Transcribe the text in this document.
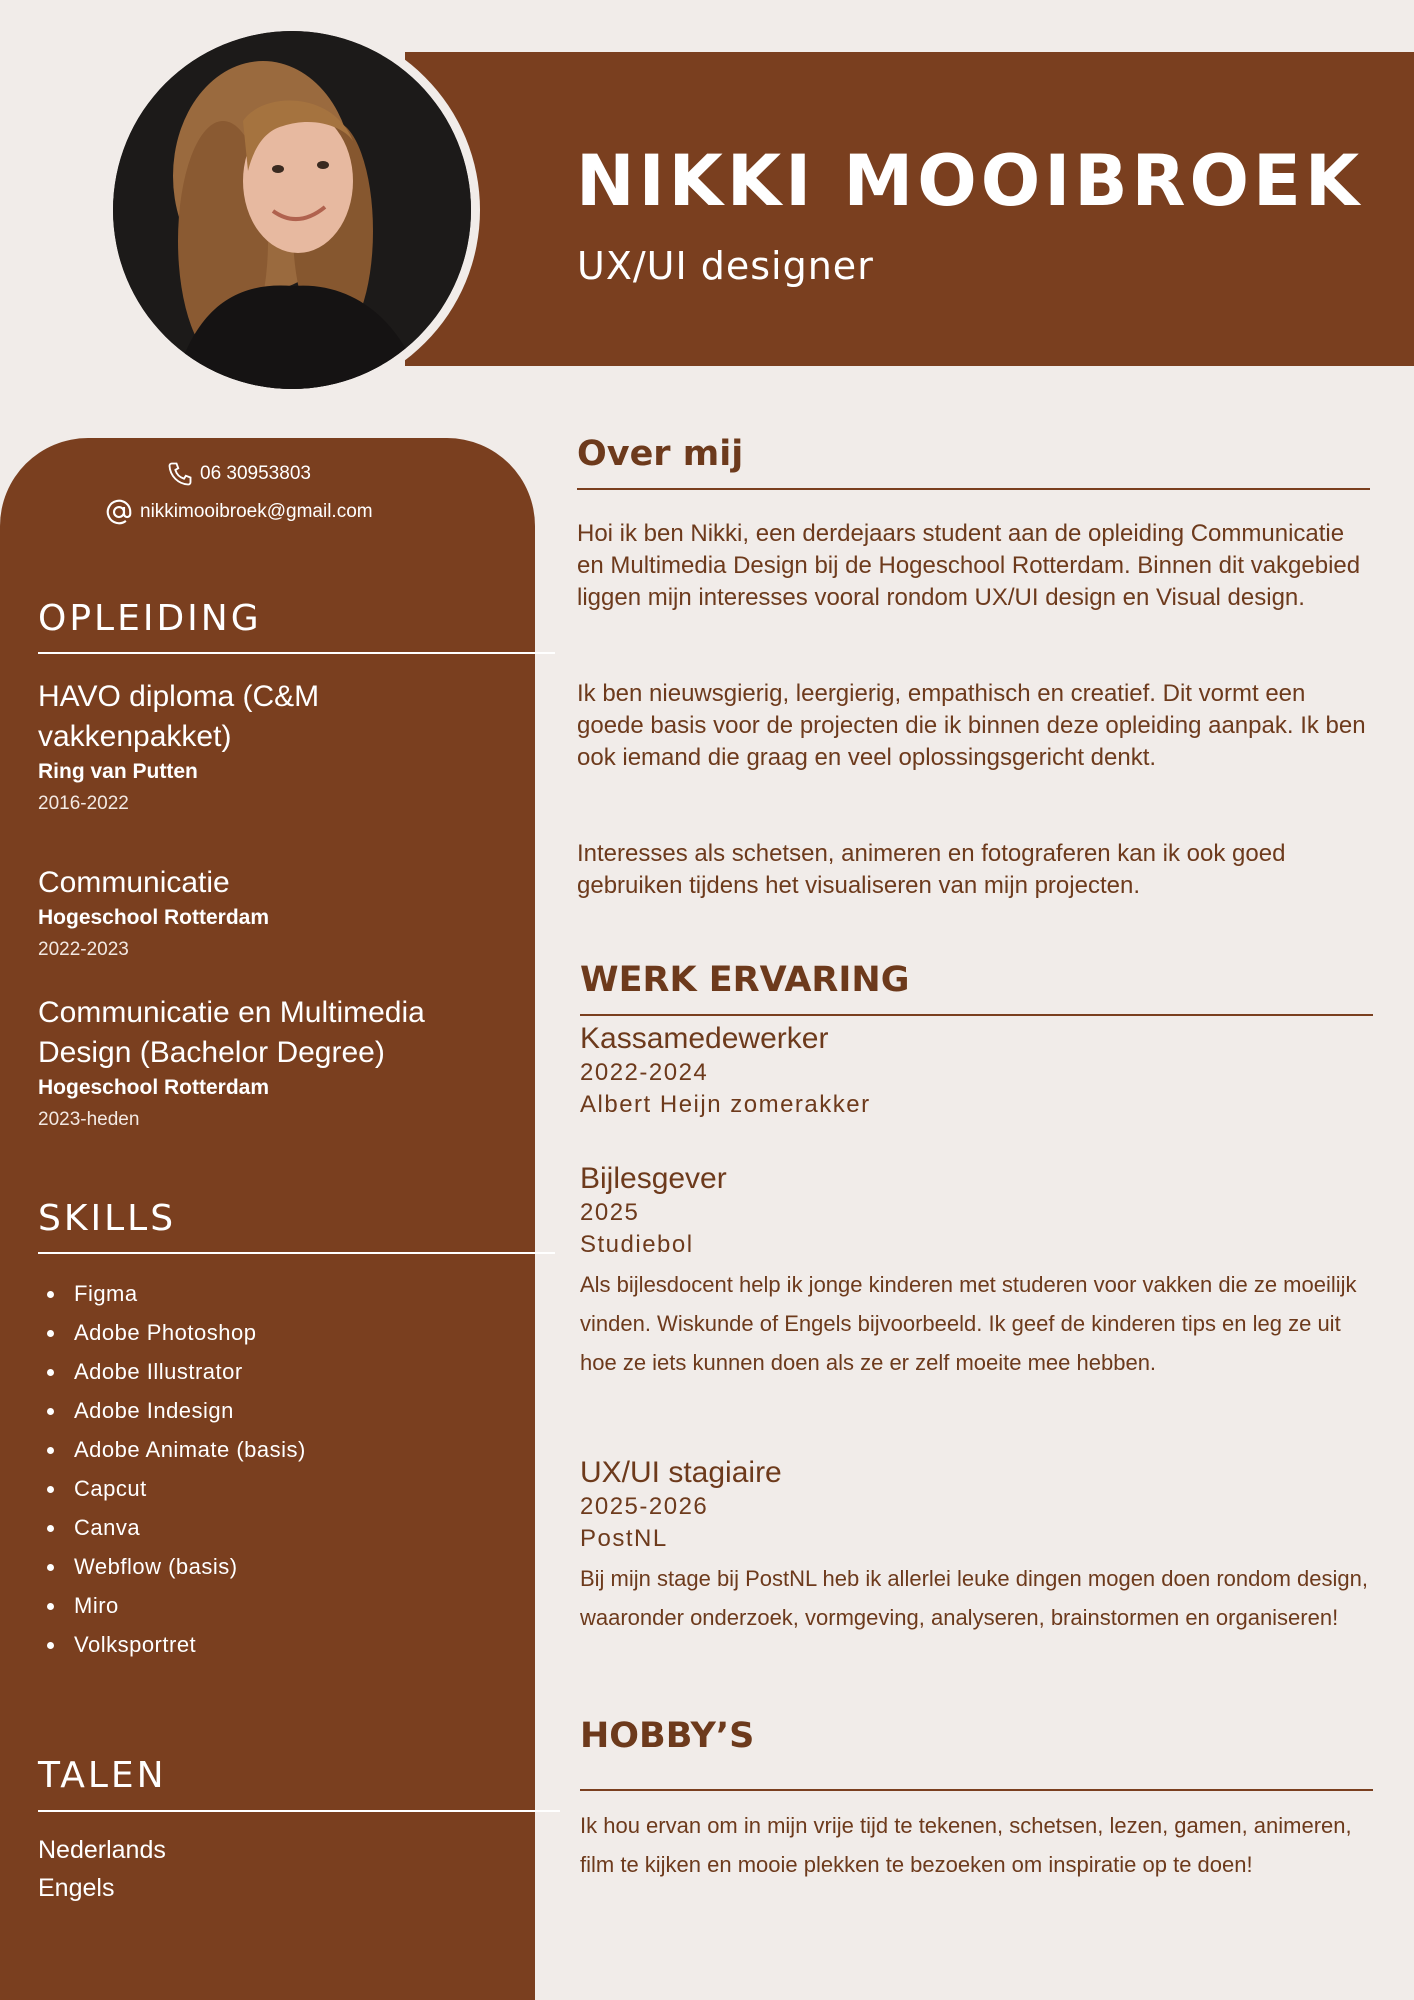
NIKKI MOOIBROEK
UX/UI designer
06 30953803
nikkimooibroek@gmail.com
OPLEIDING
HAVO diploma (C&M vakkenpakket)
Ring van Putten
2016-2022
Communicatie
Hogeschool Rotterdam
2022-2023
Communicatie en Multimedia Design (Bachelor Degree)
Hogeschool Rotterdam
2023-heden
SKILLS
Figma
Adobe Photoshop
Adobe Illustrator
Adobe Indesign
Adobe Animate (basis)
Capcut
Canva
Webflow (basis)
Miro
Volksportret
TALEN
Nederlands
Engels
Over mij
Hoi ik ben Nikki, een derdejaars student aan de opleiding Communicatie en Multimedia Design bij de Hogeschool Rotterdam. Binnen dit vakgebied liggen mijn interesses vooral rondom UX/UI design en Visual design.
Ik ben nieuwsgierig, leergierig, empathisch en creatief. Dit vormt een goede basis voor de projecten die ik binnen deze opleiding aanpak. Ik ben ook iemand die graag en veel oplossingsgericht denkt.
Interesses als schetsen, animeren en fotograferen kan ik ook goed gebruiken tijdens het visualiseren van mijn projecten.
WERK ERVARING
Kassamedewerker
2022-2024
Albert Heijn zomerakker
Bijlesgever
2025
Studiebol
Als bijlesdocent help ik jonge kinderen met studeren voor vakken die ze moeilijk vinden. Wiskunde of Engels bijvoorbeeld. Ik geef de kinderen tips en leg ze uit hoe ze iets kunnen doen als ze er zelf moeite mee hebben.
UX/UI stagiaire
2025-2026
PostNL
Bij mijn stage bij PostNL heb ik allerlei leuke dingen mogen doen rondom design, waaronder onderzoek, vormgeving, analyseren, brainstormen en organiseren!
HOBBY’S
Ik hou ervan om in mijn vrije tijd te tekenen, schetsen, lezen, gamen, animeren, film te kijken en mooie plekken te bezoeken om inspiratie op te doen!
